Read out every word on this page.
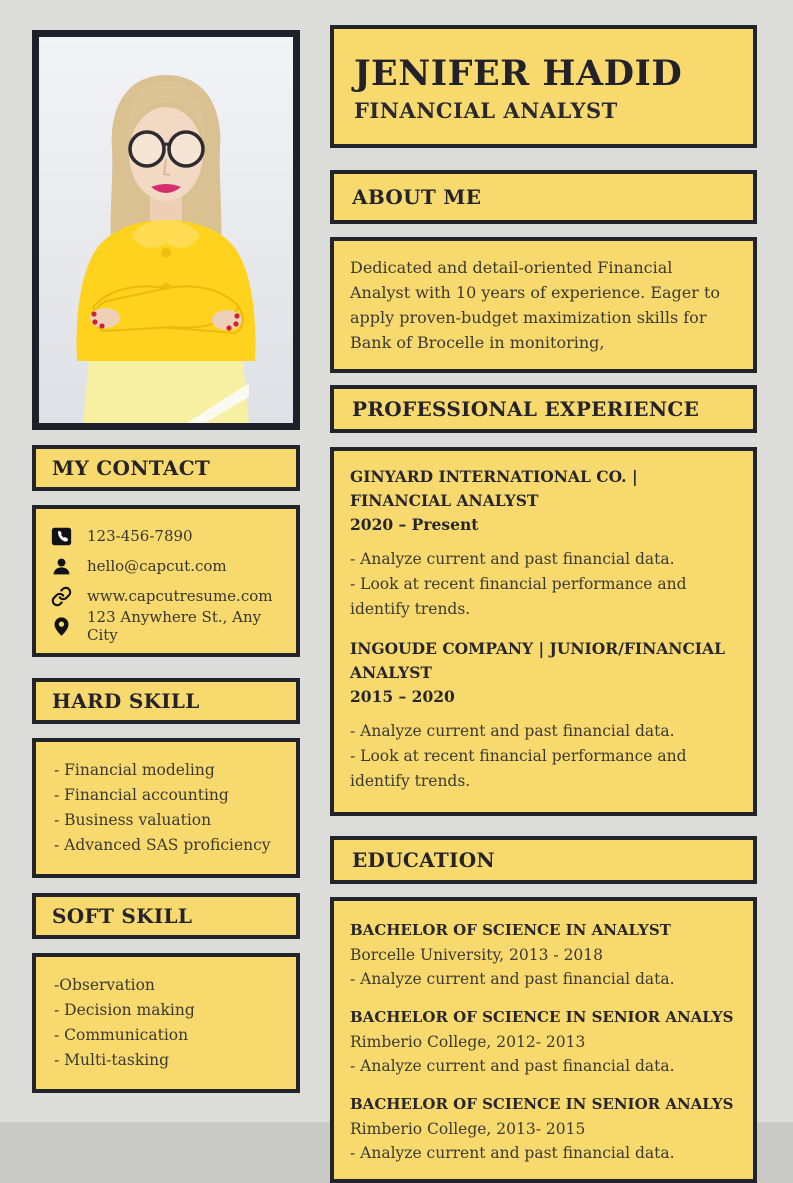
MY CONTACT
123-456-7890
hello@capcut.com
www.capcutresume.com
123 Anywhere St., Any City
HARD SKILL
- Financial modeling
- Financial accounting
- Business valuation
- Advanced SAS proficiency
SOFT SKILL
-Observation
- Decision making
- Communication
- Multi-tasking
JENIFER HADID
FINANCIAL ANALYST
ABOUT ME

Dedicated and detail-oriented Financial Analyst with 10 years of experience. Eager to apply proven-budget maximization skills for Bank of Brocelle in monitoring,

PROFESSIONAL EXPERIENCE
GINYARD INTERNATIONAL CO. | FINANCIAL ANALYST
2020 – Present
- Analyze current and past financial data.
- Look at recent financial performance and identify trends.
INGOUDE COMPANY | JUNIOR/FINANCIAL ANALYST
2015 – 2020
- Analyze current and past financial data.
- Look at recent financial performance and identify trends.
EDUCATION
BACHELOR OF SCIENCE IN ANALYST
Borcelle University, 2013 - 2018
- Analyze current and past financial data.
BACHELOR OF SCIENCE IN SENIOR ANALYS
Rimberio College, 2012- 2013
- Analyze current and past financial data.
BACHELOR OF SCIENCE IN SENIOR ANALYS
Rimberio College, 2013- 2015
- Analyze current and past financial data.
